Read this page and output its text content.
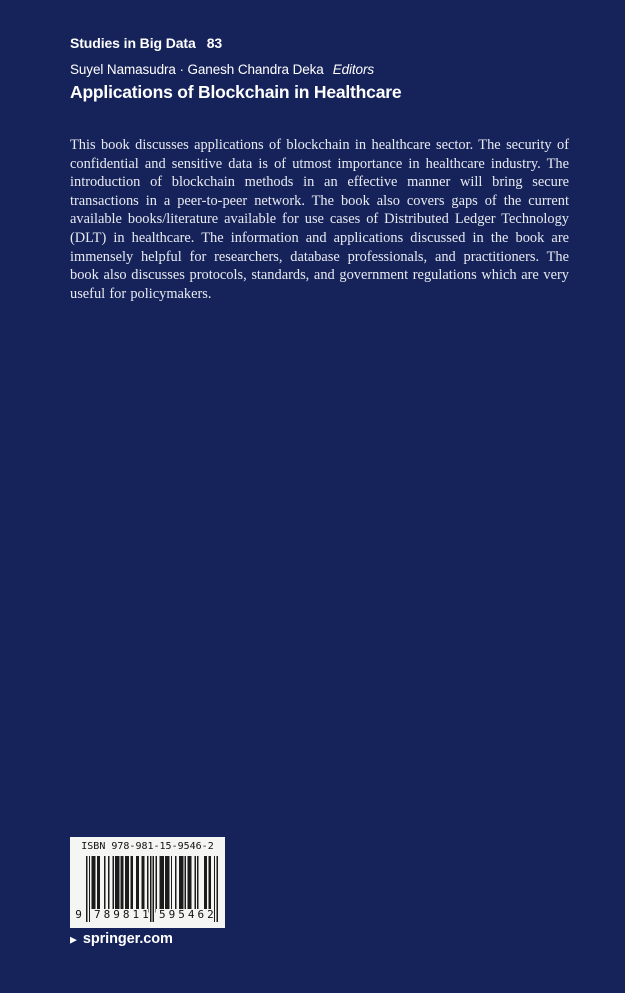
Studies in Big Data 83
Suyel Namasudra · Ganesh Chandra Deka Editors
Applications of Blockchain in Healthcare

This book discusses applications of blockchain in healthcare sector. The security of confidential and sensitive data is of utmost importance in healthcare industry. The introduction of blockchain methods in an effective manner will bring secure transactions in a peer-to-peer network. The book also covers gaps of the current available books/literature available for use cases of Distributed Ledger Technology (DLT) in healthcare. The information and applications discussed in the book are immensely helpful for researchers, database professionals, and practitioners. The book also discusses protocols, standards, and government regulations which are very useful for policymakers.

ISBN 978-981-15-9546-2
9 789811 595462
▶ springer.com
